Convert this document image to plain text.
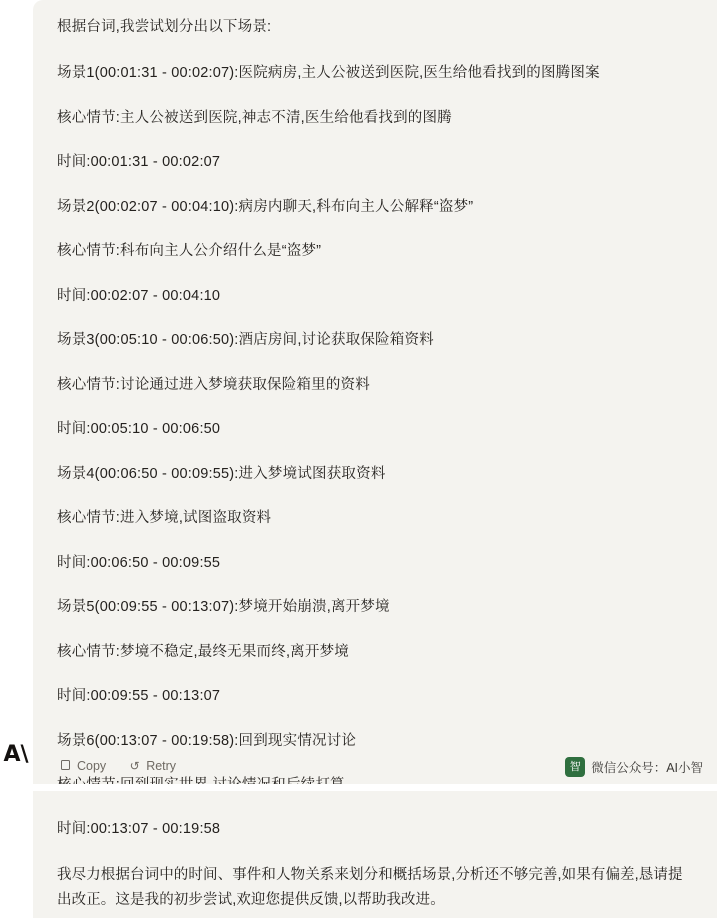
A\

根据台词,我尝试划分出以下场景:

场景1(00:01:31 - 00:02:07):医院病房,主人公被送到医院,医生给他看找到的图腾图案

核心情节:主人公被送到医院,神志不清,医生给他看找到的图腾

时间:00:01:31 - 00:02:07

场景2(00:02:07 - 00:04:10):病房内聊天,科布向主人公解释“盗梦”

核心情节:科布向主人公介绍什么是“盗梦”

时间:00:02:07 - 00:04:10

场景3(00:05:10 - 00:06:50):酒店房间,讨论获取保险箱资料

核心情节:讨论通过进入梦境获取保险箱里的资料

时间:00:05:10 - 00:06:50

场景4(00:06:50 - 00:09:55):进入梦境试图获取资料

核心情节:进入梦境,试图盗取资料

时间:00:06:50 - 00:09:55

场景5(00:09:55 - 00:13:07):梦境开始崩溃,离开梦境

核心情节:梦境不稳定,最终无果而终,离开梦境

时间:00:09:55 - 00:13:07

场景6(00:13:07 - 00:19:58):回到现实情况讨论

时间:00:13:07 - 00:19:58

我尽力根据台词中的时间、事件和人物关系来划分和概括场景,分析还不够完善,如果有偏差,恳请提出改正。这是我的初步尝试,欢迎您提供反馈,以帮助我改进。

Copy ↺ Retry	智 微信公众号：AI小智
